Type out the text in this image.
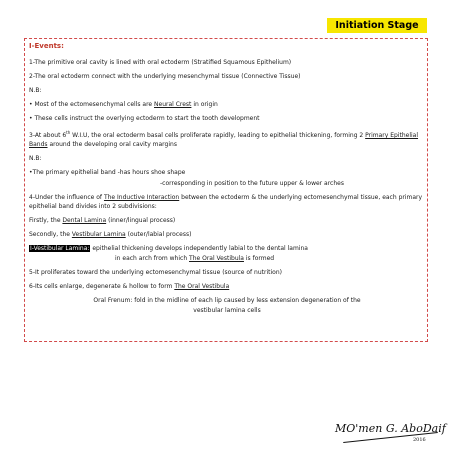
Initiation Stage

I-Events:

1-The primitive oral cavity is lined with oral ectoderm (Stratified Squamous Epithelium)

2-The oral ectoderm connect with the underlying mesenchymal tissue (Connective Tissue)

N.B:

• Most of the ectomesenchymal cells are Neural Crest in origin

• These cells instruct the overlying ectoderm to start the tooth development

3-At about 6th W.I.U, the oral ectoderm basal cells proliferate rapidly, leading to epithelial thickening, forming 2 Primary Epithelial Bands around the developing oral cavity margins

N.B:

•The primary epithelial band -has hours shoe shape

-corresponding in position to the future upper & lower arches

4-Under the influence of The Inductive Interaction between the ectoderm & the underlying ectomesenchymal tissue, each primary epithelial band divides into 2 subdivisions:

Firstly, the Dental Lamina (inner/lingual process)

Secondly, the Vestibular Lamina (outer/labial process)

I-Vestibular Lamina: epithelial thickening develops independently labial to the dental lamina

in each arch from which The Oral Vestibula is formed

5-It proliferates toward the underlying ectomesenchymal tissue (source of nutrition)

6-Its cells enlarge, degenerate & hollow to form The Oral Vestibula

Oral Frenum: fold in the midline of each lip caused by less extension degeneration of the

vestibular lamina cells

MO'men G. AboDaif
2016
